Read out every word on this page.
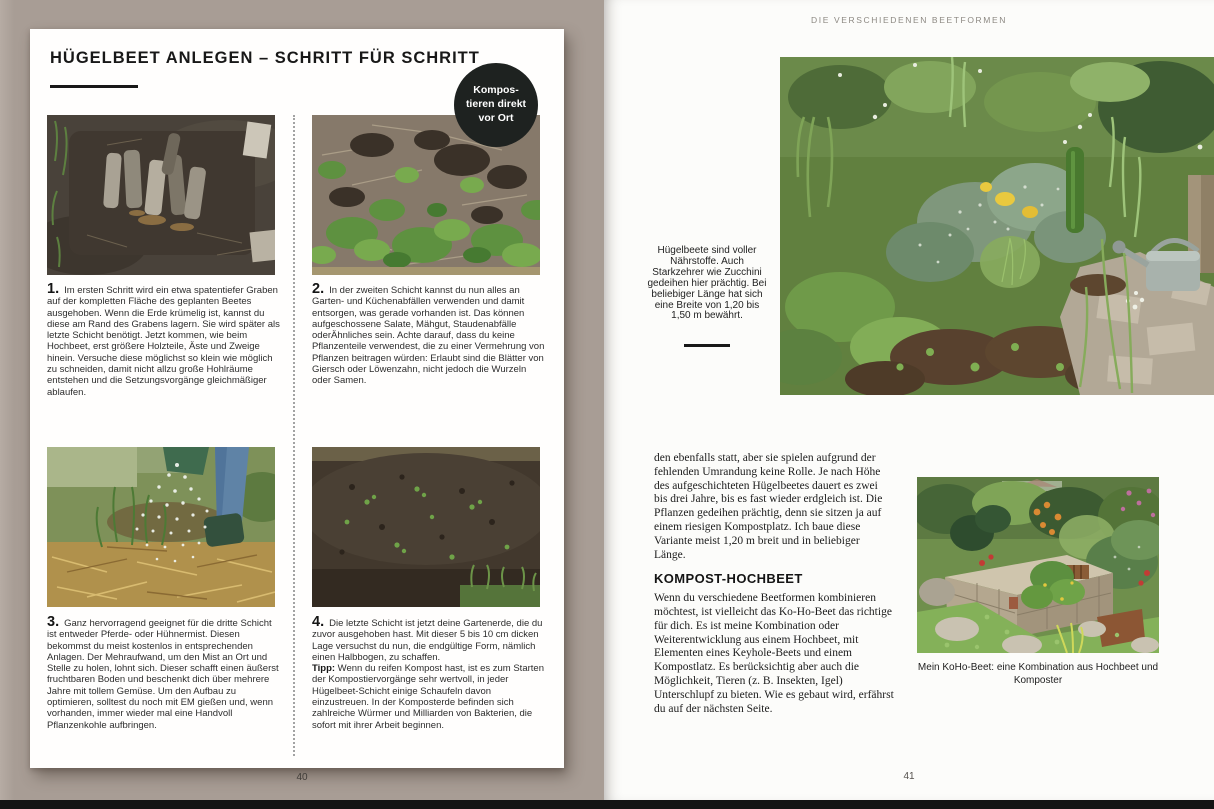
DIE VERSCHIEDENEN BEETFORMEN
Hügelbeete sind voller Nährstoffe. Auch Starkzehrer wie Zucchini gedeihen hier prächtig. Bei beliebiger Länge hat sich eine Breite von 1,20 bis 1,50 m bewährt.
den ebenfalls statt, aber sie spielen aufgrund der fehlenden Umrandung keine Rolle. Je nach Höhe des aufgeschichteten Hügelbeetes dauert es zwei bis drei Jahre, bis es fast wieder erdgleich ist. Die Pflanzen gedeihen prächtig, denn sie sitzen ja auf einem riesigen Kompostplatz. Ich baue diese Variante meist 1,20 m breit und in beliebiger Länge.
KOMPOST-HOCHBEET
Wenn du verschiedene Beetformen kombinieren möchtest, ist vielleicht das Ko-Ho-Beet das richtige für dich. Es ist meine Kombination oder Weiterentwicklung aus einem Hochbeet, mit Elementen eines Keyhole-Beets und einem Kompostlatz. Es berücksichtig aber auch die Möglichkeit, Tieren (z. B. Insekten, Igel) Unterschlupf zu bieten. Wie es gebaut wird, erfährst du auf der nächsten Seite.
Mein KoHo-Beet: eine Kombination aus Hochbeet und Komposter
41
HÜGELBEET ANLEGEN – SCHRITT FÜR SCHRITT
Kompos-
tieren direkt
vor Ort
1. Im ersten Schritt wird ein etwa spatentiefer Graben auf der kompletten Fläche des geplanten Beetes ausgehoben. Wenn die Erde krümelig ist, kannst du diese am Rand des Grabens lagern. Sie wird später als letzte Schicht benötigt. Jetzt kommen, wie beim Hochbeet, erst größere Holzteile, Äste und Zweige hinein. Versuche diese möglichst so klein wie möglich zu schneiden, damit nicht allzu große Hohlräume entstehen und die Setzungsvorgänge gleichmäßiger ablaufen.
2. In der zweiten Schicht kannst du nun alles an Garten- und Küchenabfällen verwenden und damit entsorgen, was gerade vorhanden ist. Das können aufgeschossene Salate, Mähgut, Staudenabfälle oderÄhnliches sein. Achte darauf, dass du keine Pflanzenteile verwendest, die zu einer Vermehrung von Pflanzen beitragen würden: Erlaubt sind die Blätter von Giersch oder Löwenzahn, nicht jedoch die Wurzeln oder Samen.
3. Ganz hervorragend geeignet für die dritte Schicht ist entweder Pferde- oder Hühnermist. Diesen bekommst du meist kostenlos in entsprechenden Anlagen. Der Mehraufwand, um den Mist an Ort und Stelle zu holen, lohnt sich. Dieser schafft einen äußerst fruchtbaren Boden und beschenkt dich über mehrere Jahre mit tollem Gemüse. Um den Aufbau zu optimieren, solltest du noch mit EM gießen und, wenn vorhanden, immer wieder mal eine Handvoll Pflanzenkohle aufbringen.
4. Die letzte Schicht ist jetzt deine Gartenerde, die du zuvor ausgehoben hast. Mit dieser 5 bis 10 cm dicken Lage versuchst du nun, die endgültige Form, nämlich einen Halbbogen, zu schaffen.
Tipp: Wenn du reifen Kompost hast, ist es zum Starten der Kompostiervorgänge sehr wertvoll, in jeder Hügelbeet-Schicht einige Schaufeln davon einzustreuen. In der Komposterde befinden sich zahlreiche Würmer und Milliarden von Bakterien, die sofort mit ihrer Arbeit beginnen.
40
